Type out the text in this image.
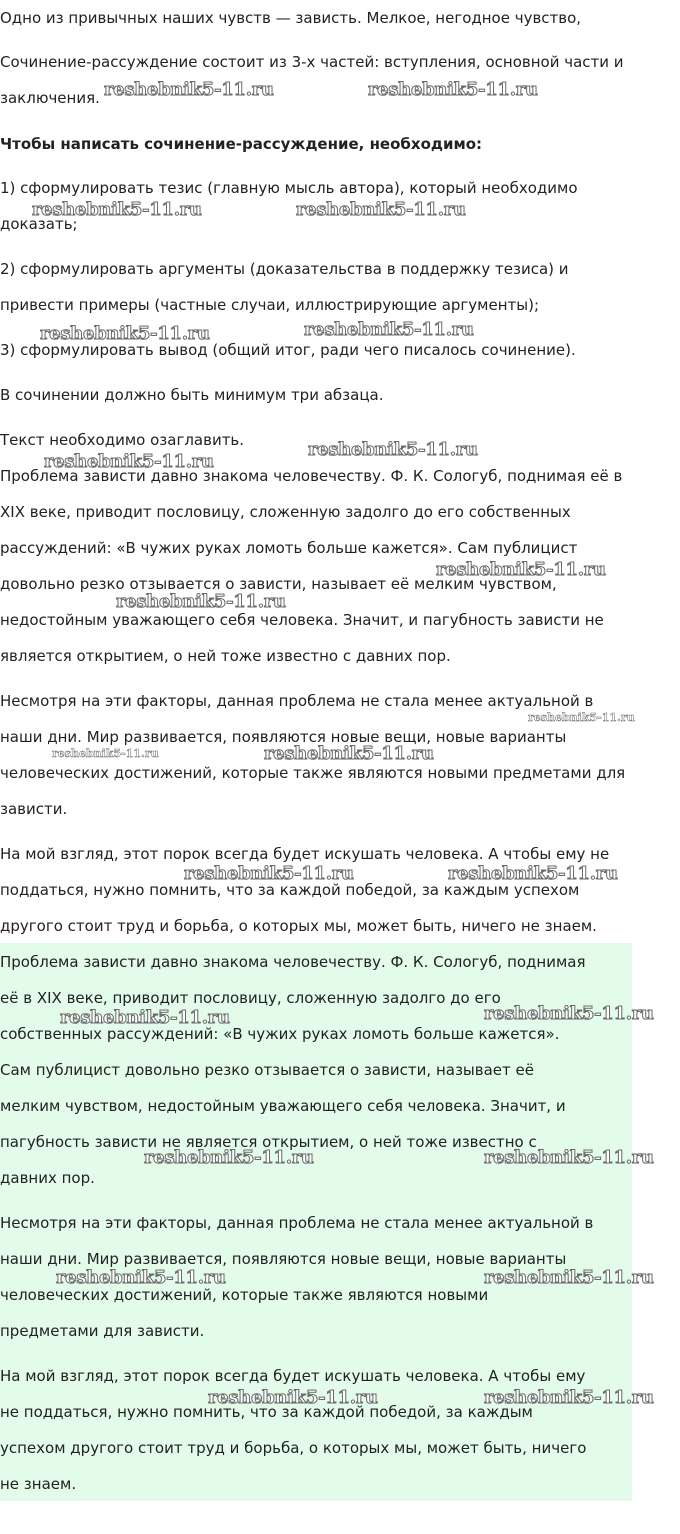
Одно из привычных наших чувств — зависть. Мелкое, негодное чувство,
Сочинение-рассуждение состоит из 3-х частей: вступления, основной части и
заключения.
Чтобы написать сочинение-рассуждение, необходимо:
1) сформулировать тезис (главную мысль автора), который необходимо
доказать;
2) сформулировать аргументы (доказательства в поддержку тезиса) и
привести примеры (частные случаи, иллюстрирующие аргументы);
3) сформулировать вывод (общий итог, ради чего писалось сочинение).
В сочинении должно быть минимум три абзаца.
Текст необходимо озаглавить.
Проблема зависти давно знакома человечеству. Ф. К. Сологуб, поднимая её в
XIX веке, приводит пословицу, сложенную задолго до его собственных
рассуждений: «В чужих руках ломоть больше кажется». Сам публицист
довольно резко отзывается о зависти, называет её мелким чувством,
недостойным уважающего себя человека. Значит, и пагубность зависти не
является открытием, о ней тоже известно с давних пор.
Несмотря на эти факторы, данная проблема не стала менее актуальной в
наши дни. Мир развивается, появляются новые вещи, новые варианты
человеческих достижений, которые также являются новыми предметами для
зависти.
На мой взгляд, этот порок всегда будет искушать человека. А чтобы ему не
поддаться, нужно помнить, что за каждой победой, за каждым успехом
другого стоит труд и борьба, о которых мы, может быть, ничего не знаем.
Проблема зависти давно знакома человечеству. Ф. К. Сологуб, поднимая
её в XIX веке, приводит пословицу, сложенную задолго до его
собственных рассуждений: «В чужих руках ломоть больше кажется».
Сам публицист довольно резко отзывается о зависти, называет её
мелким чувством, недостойным уважающего себя человека. Значит, и
пагубность зависти не является открытием, о ней тоже известно с
давних пор.
Несмотря на эти факторы, данная проблема не стала менее актуальной в
наши дни. Мир развивается, появляются новые вещи, новые варианты
человеческих достижений, которые также являются новыми
предметами для зависти.
На мой взгляд, этот порок всегда будет искушать человека. А чтобы ему
не поддаться, нужно помнить, что за каждой победой, за каждым
успехом другого стоит труд и борьба, о которых мы, может быть, ничего
не знаем.
reshebnik5-11.ru	reshebnik5-11.ru
reshebnik5-11.ru	reshebnik5-11.ru
reshebnik5-11.ru	reshebnik5-11.ru
reshebnik5-11.ru
reshebnik5-11.ru
reshebnik5-11.ru
reshebnik5-11.ru
reshebnik5-11.ru
reshebnik5-11.ru	reshebnik5-11.ru
reshebnik5-11.ru	reshebnik5-11.ru
reshebnik5-11.ru
reshebnik5-11.ru
reshebnik5-11.ru	reshebnik5-11.ru
reshebnik5-11.ru	reshebnik5-11.ru
reshebnik5-11.ru	reshebnik5-11.ru
